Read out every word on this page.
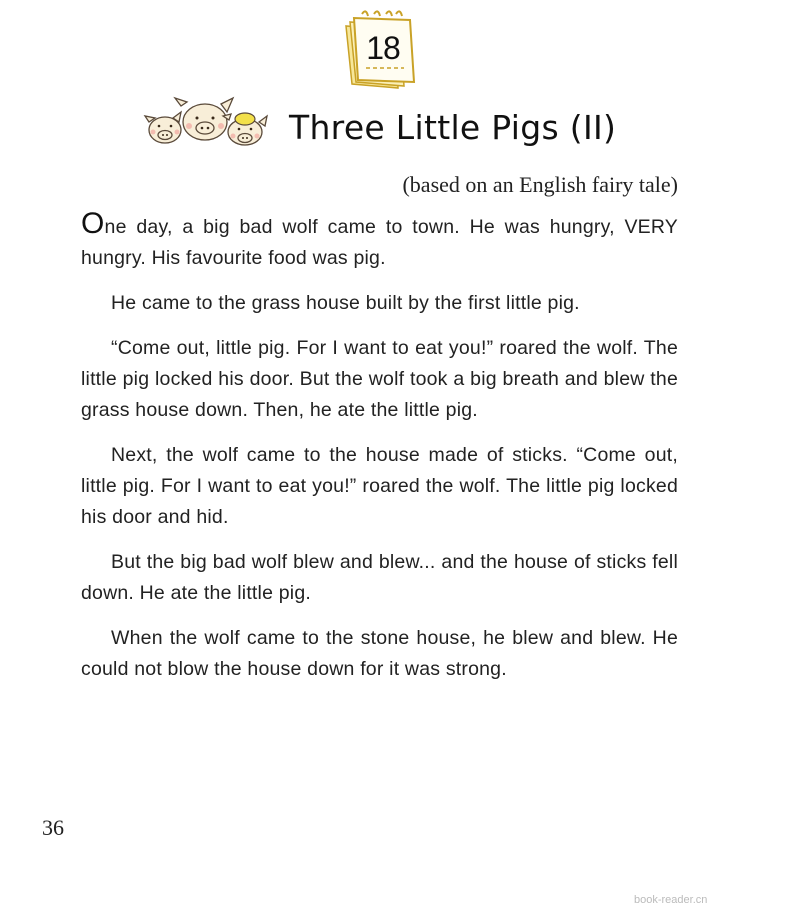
18
Three Little Pigs (II)
(based on an English fairy tale)

One day, a big bad wolf came to town. He was hungry, VERY hungry. His favourite food was pig.

He came to the grass house built by the first little pig.

“Come out, little pig. For I want to eat you!” roared the wolf. The little pig locked his door. But the wolf took a big breath and blew the grass house down. Then, he ate the little pig.

Next, the wolf came to the house made of sticks. “Come out, little pig. For I want to eat you!” roared the wolf. The little pig locked his door and hid.

But the big bad wolf blew and blew... and the house of sticks fell down. He ate the little pig.

When the wolf came to the stone house, he blew and blew. He could not blow the house down for it was strong.

36
book-reader.cn
